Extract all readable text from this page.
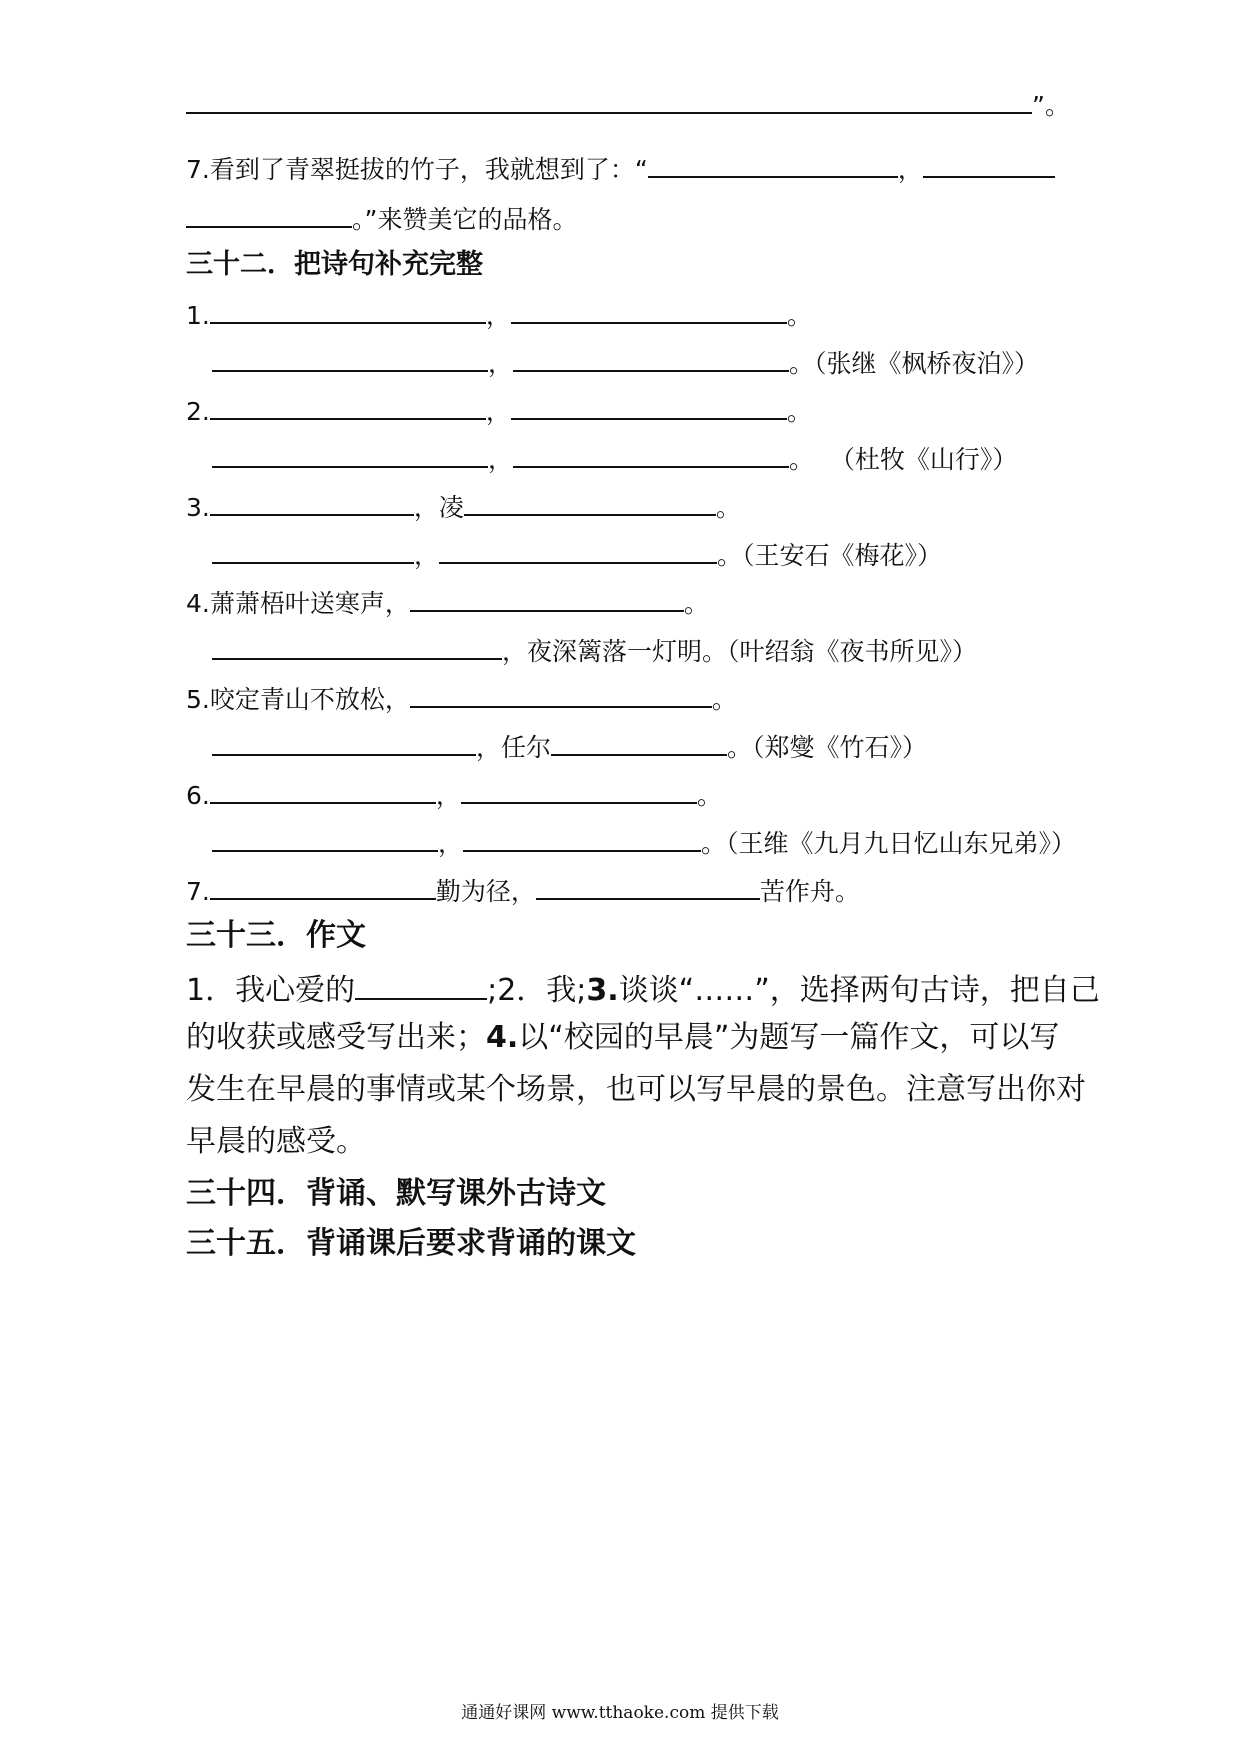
”。
7.看到了青翠挺拔的竹子，我就想到了：“	，
。”来赞美它的品格。
三十二．把诗句补充完整
1.	，	。
，	。（张继《枫桥夜泊》）
2.	，	。
，	。  （杜牧《山行》）
3.	，凌	。
，	。（王安石《梅花》）
4.萧萧梧叶送寒声，	。
，夜深篱落一灯明。（叶绍翁《夜书所见》）
5.咬定青山不放松，	。
，任尔	。（郑燮《竹石》）
6.	，	。
，	。（王维《九月九日忆山东兄弟》）
7.	勤为径，	苦作舟。
三十三．作文
1．我心爱的	;2．我;3.谈谈“……”，选择两句古诗，把自己
的收获或感受写出来；4.以“校园的早晨”为题写一篇作文，可以写
发生在早晨的事情或某个场景，也可以写早晨的景色。注意写出你对
早晨的感受。
三十四．背诵、默写课外古诗文
三十五．背诵课后要求背诵的课文
通通好课网 www.tthaoke.com 提供下载
